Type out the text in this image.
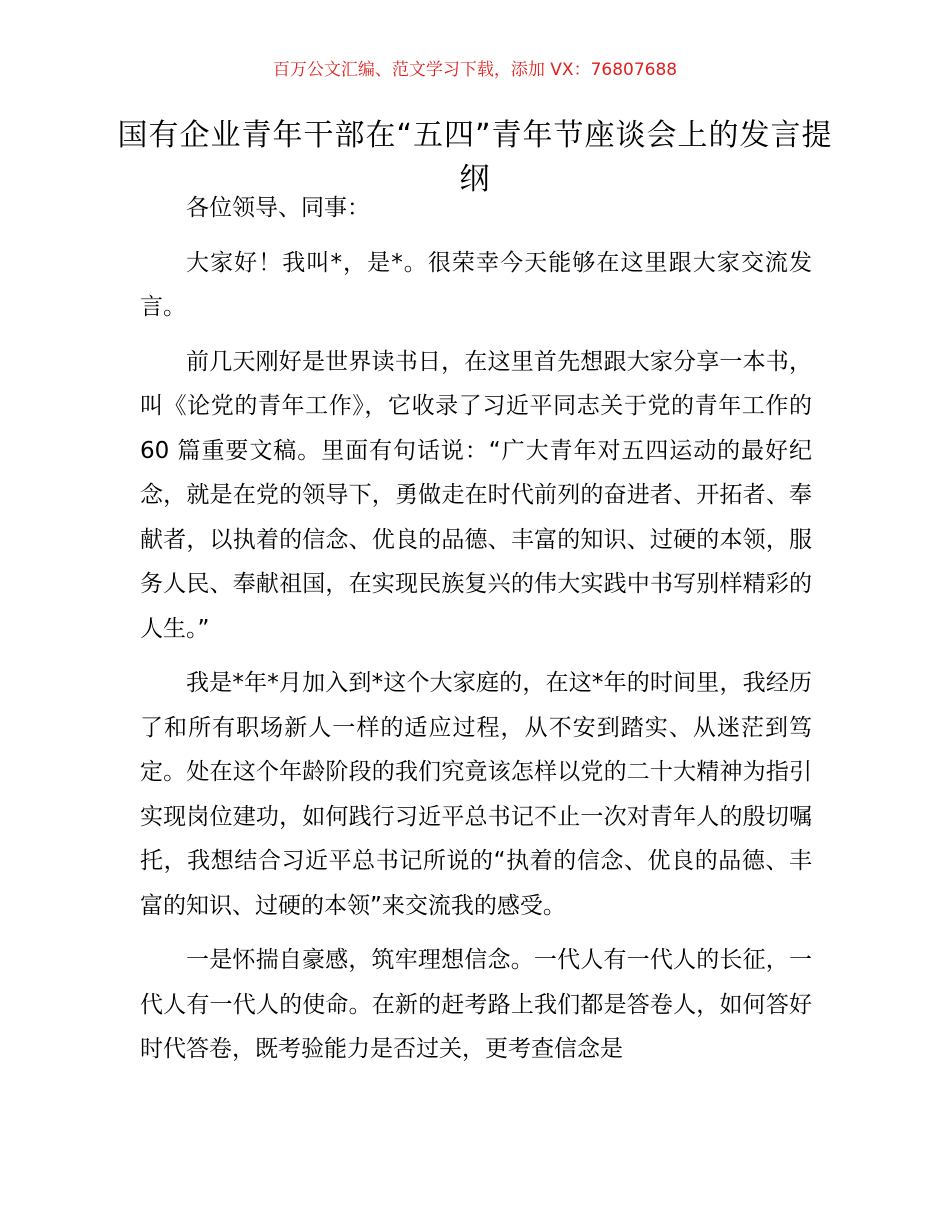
百万公文汇编、范文学习下载，添加 VX：76807688
国有企业青年干部在“五四”青年节座谈会上的发言提纲

各位领导、同事：

大家好！我叫*，是*。很荣幸今天能够在这里跟大家交流发言。

前几天刚好是世界读书日，在这里首先想跟大家分享一本书，叫《论党的青年工作》，它收录了习近平同志关于党的青年工作的 60 篇重要文稿。里面有句话说：“广大青年对五四运动的最好纪念，就是在党的领导下，勇做走在时代前列的奋进者、开拓者、奉献者，以执着的信念、优良的品德、丰富的知识、过硬的本领，服务人民、奉献祖国，在实现民族复兴的伟大实践中书写别样精彩的人生。”

我是*年*月加入到*这个大家庭的，在这*年的时间里，我经历了和所有职场新人一样的适应过程，从不安到踏实、从迷茫到笃定。处在这个年龄阶段的我们究竟该怎样以党的二十大精神为指引实现岗位建功，如何践行习近平总书记不止一次对青年人的殷切嘱托，我想结合习近平总书记所说的“执着的信念、优良的品德、丰富的知识、过硬的本领”来交流我的感受。

一是怀揣自豪感，筑牢理想信念。一代人有一代人的长征，一代人有一代人的使命。在新的赶考路上我们都是答卷人，如何答好时代答卷，既考验能力是否过关，更考查信念是
